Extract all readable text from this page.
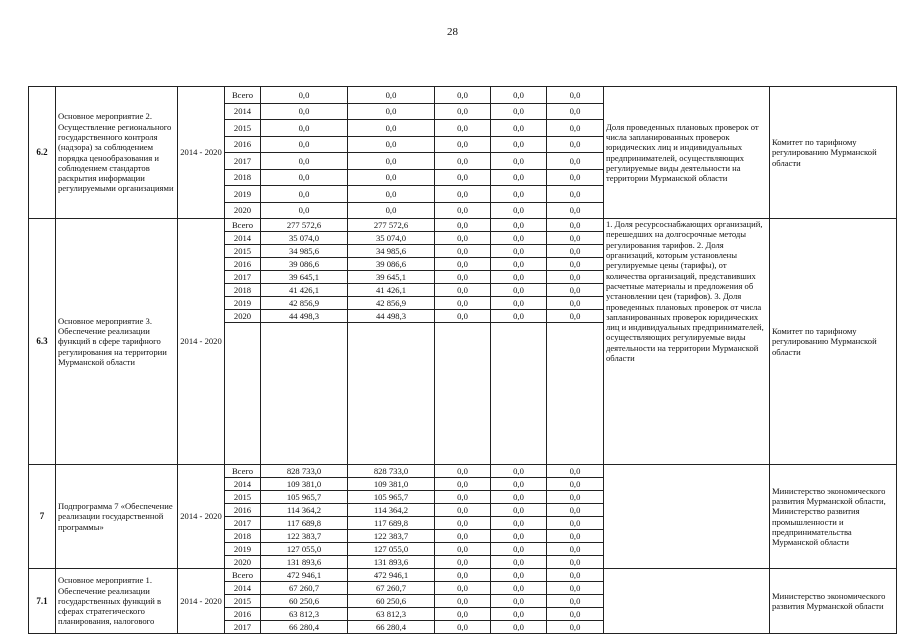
28
6.2	Основное мероприятие 2. Осуществление регионального государственного контроля (надзора) за соблюдением порядка ценообразования и соблюдением стандартов раскрытия информации регулируемыми организациями	2014 - 2020	Всего	0,0	0,0	0,0	0,0	0,0	Доля проведенных плановых проверок от числа запланированных проверок юридических лиц и индивидуальных предпринимателей, осуществляющих регулируемые виды деятельности на территории Мурманской области	Комитет по тарифному регулированию Мурманской области
			2014	0,0	0,0	0,0	0,0	0,0		
			2015	0,0	0,0	0,0	0,0	0,0		
			2016	0,0	0,0	0,0	0,0	0,0		
			2017	0,0	0,0	0,0	0,0	0,0		
			2018	0,0	0,0	0,0	0,0	0,0		
			2019	0,0	0,0	0,0	0,0	0,0		
			2020	0,0	0,0	0,0	0,0	0,0		
6.3	Основное мероприятие 3. Обеспечение реализации функций в сфере тарифного регулирования на территории Мурманской области	2014 - 2020	Всего	277 572,6	277 572,6	0,0	0,0	0,0	1. Доля ресурсоснабжающих организаций, перешедших на долгосрочные методы регулирования тарифов. 2. Доля организаций, которым установлены регулируемые цены (тарифы), от количества организаций, представивших расчетные материалы и предложения об установлении цен (тарифов). 3. Доля проведенных плановых проверок от числа запланированных проверок юридических лиц и индивидуальных предпринимателей, осуществляющих регулируемые виды деятельности на территории Мурманской области	Комитет по тарифному регулированию Мурманской области
			2014	35 074,0	35 074,0	0,0	0,0	0,0		
			2015	34 985,6	34 985,6	0,0	0,0	0,0		
			2016	39 086,6	39 086,6	0,0	0,0	0,0		
			2017	39 645,1	39 645,1	0,0	0,0	0,0		
			2018	41 426,1	41 426,1	0,0	0,0	0,0		
			2019	42 856,9	42 856,9	0,0	0,0	0,0		
			2020	44 498,3	44 498,3	0,0	0,0	0,0		

7	Подпрограмма 7 «Обеспечение реализации государственной программы»	2014 - 2020	Всего	828 733,0	828 733,0	0,0	0,0	0,0		Министерство экономического развития Мурманской области, Министерство развития промышленности и предпринимательства Мурманской области
			2014	109 381,0	109 381,0	0,0	0,0	0,0		
			2015	105 965,7	105 965,7	0,0	0,0	0,0		
			2016	114 364,2	114 364,2	0,0	0,0	0,0		
			2017	117 689,8	117 689,8	0,0	0,0	0,0		
			2018	122 383,7	122 383,7	0,0	0,0	0,0		
			2019	127 055,0	127 055,0	0,0	0,0	0,0		
			2020	131 893,6	131 893,6	0,0	0,0	0,0		
7.1	Основное мероприятие 1. Обеспечение реализации государственных функций в сферах стратегического планирования, налогового	2014 - 2020	Всего	472 946,1	472 946,1	0,0	0,0	0,0		Министерство экономического развития Мурманской области
			2014	67 260,7	67 260,7	0,0	0,0	0,0		
			2015	60 250,6	60 250,6	0,0	0,0	0,0		
			2016	63 812,3	63 812,3	0,0	0,0	0,0		
			2017	66 280,4	66 280,4	0,0	0,0	0,0		
